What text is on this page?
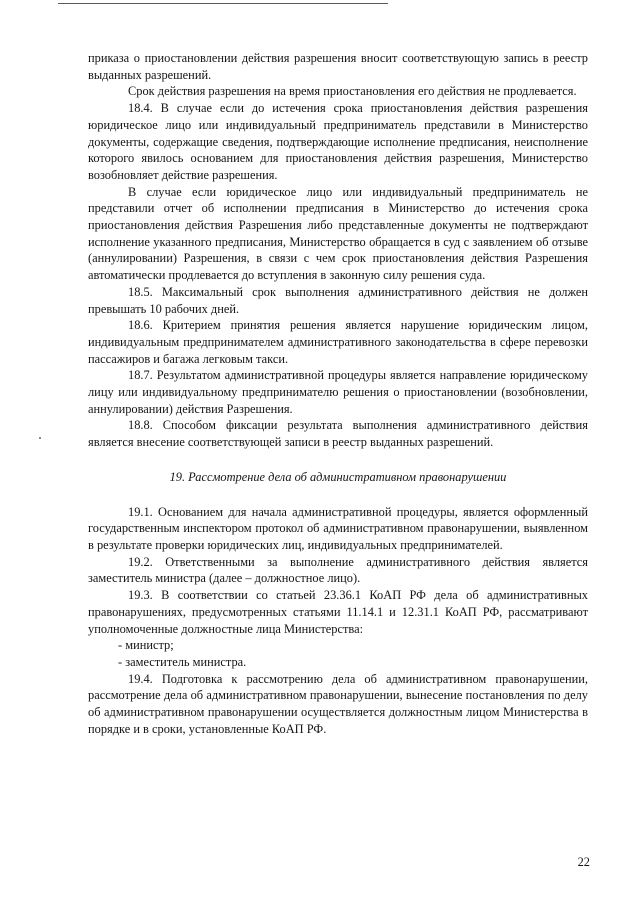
приказа о приостановлении действия разрешения вносит соответствующую запись в реестр выданных разрешений.

Срок действия разрешения на время приостановления его действия не продлевается.

18.4. В случае если до истечения срока приостановления действия разрешения юридическое лицо или индивидуальный предприниматель представили в Министерство документы, содержащие сведения, подтверждающие исполнение предписания, неисполнение которого явилось основанием для приостановления действия разрешения, Министерство возобновляет действие разрешения.

В случае если юридическое лицо или индивидуальный предприниматель не представили отчет об исполнении предписания в Министерство до истечения срока приостановления действия Разрешения либо представленные документы не подтверждают исполнение указанного предписания, Министерство обращается в суд с заявлением об отзыве (аннулировании) Разрешения, в связи с чем срок приостановления действия Разрешения автоматически продлевается до вступления в законную силу решения суда.

18.5. Максимальный срок выполнения административного действия не должен превышать 10 рабочих дней.

18.6. Критерием принятия решения является нарушение юридическим лицом, индивидуальным предпринимателем административного законодательства в сфере перевозки пассажиров и багажа легковым такси.

18.7. Результатом административной процедуры является направление юридическому лицу или индивидуальному предпринимателю решения о приостановлении (возобновлении, аннулировании) действия Разрешения.

18.8. Способом фиксации результата выполнения административного действия является внесение соответствующей записи в реестр выданных разрешений.

19. Рассмотрение дела об административном правонарушении

19.1. Основанием для начала административной процедуры, является оформленный государственным инспектором протокол об административном правонарушении, выявленном в результате проверки юридических лиц, индивидуальных предпринимателей.

19.2. Ответственными за выполнение административного действия является заместитель министра (далее – должностное лицо).

19.3. В соответствии со статьей 23.36.1 КоАП РФ дела об административных правонарушениях, предусмотренных статьями 11.14.1 и 12.31.1 КоАП РФ, рассматривают уполномоченные должностные лица Министерства:

- министр;

- заместитель министра.

19.4. Подготовка к рассмотрению дела об административном правонарушении, рассмотрение дела об административном правонарушении, вынесение постановления по делу об административном правонарушении осуществляется должностным лицом Министерства в порядке и в сроки, установленные КоАП РФ.

22
